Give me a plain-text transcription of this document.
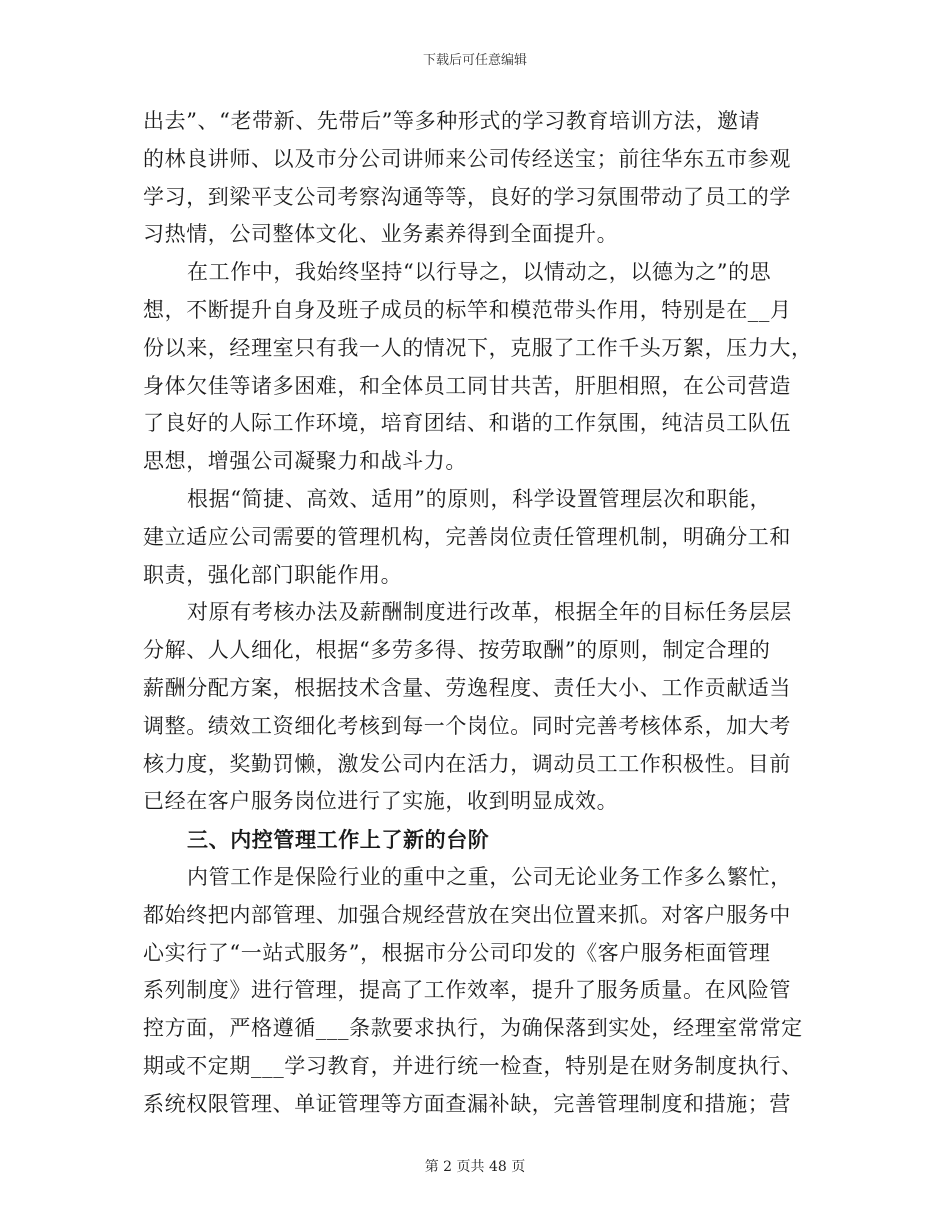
下载后可任意编辑
出去”、“老带新、先带后”等多种形式的学习教育培训方法，邀请
的林良讲师、以及市分公司讲师来公司传经送宝；前往华东五市参观
学习，到梁平支公司考察沟通等等，良好的学习氛围带动了员工的学
习热情，公司整体文化、业务素养得到全面提升。
在工作中，我始终坚持“以行导之，以情动之，以德为之”的思
想，不断提升自身及班子成员的标竿和模范带头作用，特别是在__月
份以来，经理室只有我一人的情况下，克服了工作千头万絮，压力大，
身体欠佳等诸多困难，和全体员工同甘共苦，肝胆相照，在公司营造
了良好的人际工作环境，培育团结、和谐的工作氛围，纯洁员工队伍
思想，增强公司凝聚力和战斗力。
根据“简捷、高效、适用”的原则，科学设置管理层次和职能，
建立适应公司需要的管理机构，完善岗位责任管理机制，明确分工和
职责，强化部门职能作用。
对原有考核办法及薪酬制度进行改革，根据全年的目标任务层层
分解、人人细化，根据“多劳多得、按劳取酬”的原则，制定合理的
薪酬分配方案，根据技术含量、劳逸程度、责任大小、工作贡献适当
调整。绩效工资细化考核到每一个岗位。同时完善考核体系，加大考
核力度，奖勤罚懒，激发公司内在活力，调动员工工作积极性。目前
已经在客户服务岗位进行了实施，收到明显成效。
三、内控管理工作上了新的台阶
内管工作是保险行业的重中之重，公司无论业务工作多么繁忙，
都始终把内部管理、加强合规经营放在突出位置来抓。对客户服务中
心实行了“一站式服务”，根据市分公司印发的《客户服务柜面管理
系列制度》进行管理，提高了工作效率，提升了服务质量。在风险管
控方面，严格遵循___条款要求执行，为确保落到实处，经理室常常定
期或不定期___学习教育，并进行统一检查，特别是在财务制度执行、
系统权限管理、单证管理等方面查漏补缺，完善管理制度和措施；营
第 2 页共 48 页
